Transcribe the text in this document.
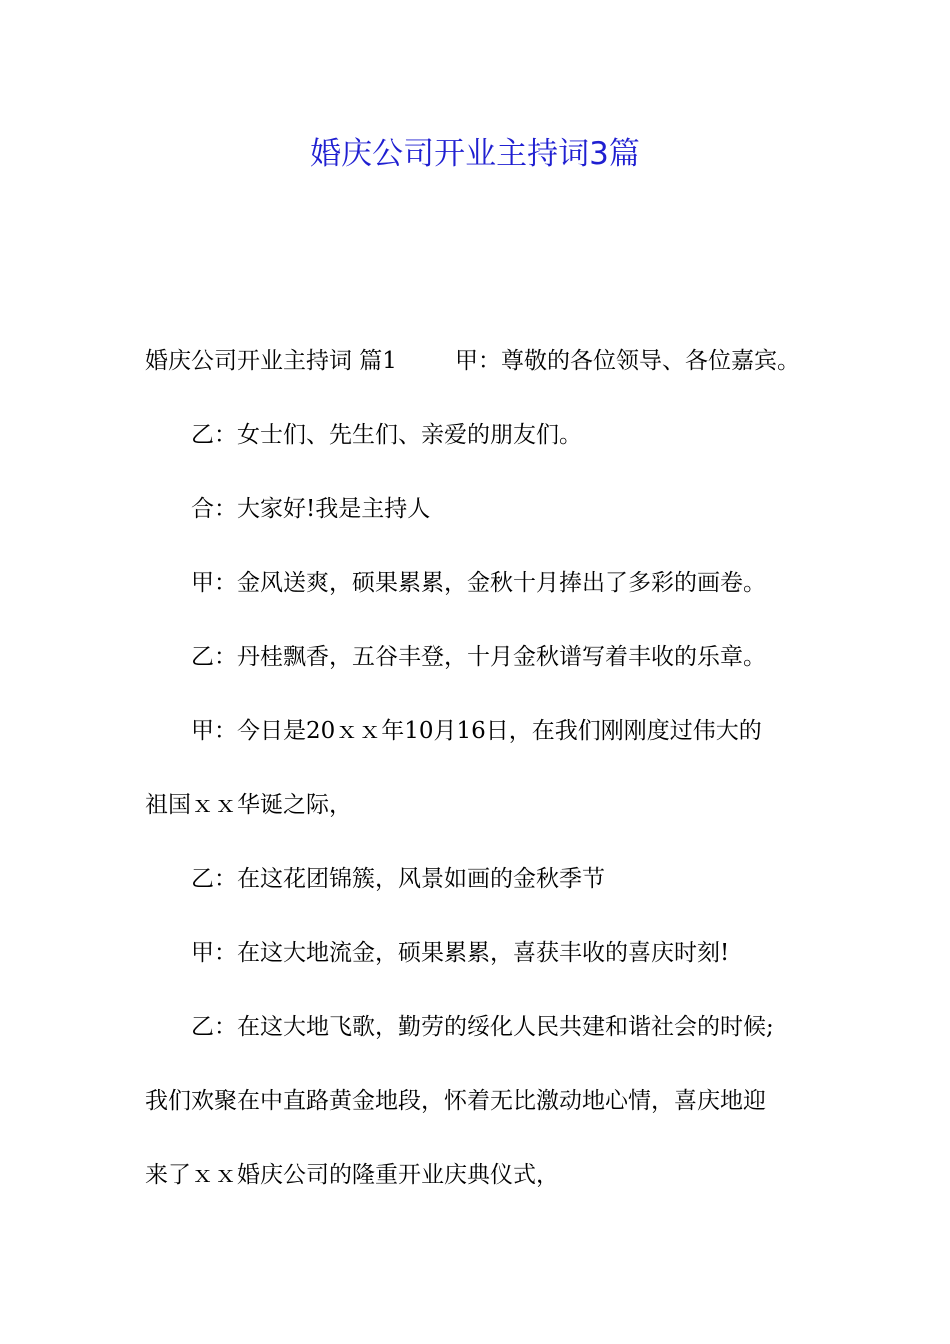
婚庆公司开业主持词3篇
婚庆公司开业主持词 篇1	甲：尊敬的各位领导、各位嘉宾。
乙：女士们、先生们、亲爱的朋友们。
合：大家好!我是主持人
甲：金风送爽，硕果累累，金秋十月捧出了多彩的画卷。
乙：丹桂飘香，五谷丰登，十月金秋谱写着丰收的乐章。
甲：今日是20ｘｘ年10月16日，在我们刚刚度过伟大的
祖国ｘｘ华诞之际，
乙：在这花团锦簇，风景如画的金秋季节
甲：在这大地流金，硕果累累，喜获丰收的喜庆时刻!
乙：在这大地飞歌，勤劳的绥化人民共建和谐社会的时候;
我们欢聚在中直路黄金地段，怀着无比激动地心情，喜庆地迎
来了ｘｘ婚庆公司的隆重开业庆典仪式，
